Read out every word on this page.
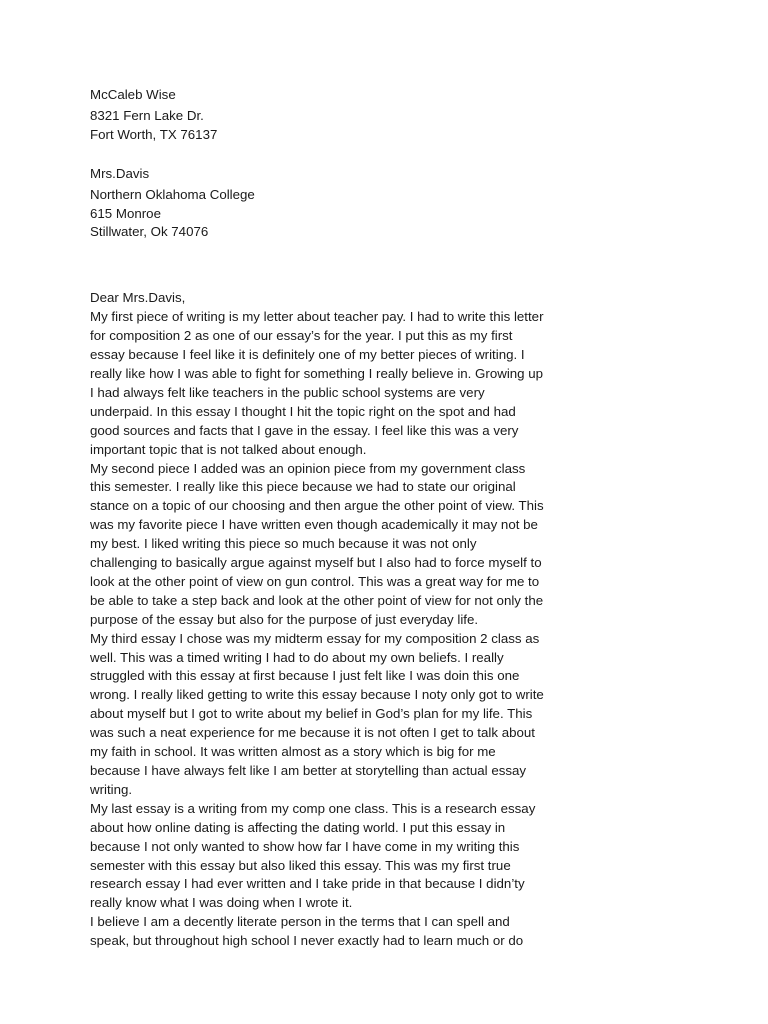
McCaleb Wise
8321 Fern Lake Dr.
Fort Worth, TX 76137
Mrs.Davis
Northern Oklahoma College
615 Monroe
Stillwater, Ok 74076
Dear Mrs.Davis,
My first piece of writing is my letter about teacher pay. I had to write this letter
for composition 2 as one of our essay’s for the year. I put this as my first
essay because I feel like it is definitely one of my better pieces of writing. I
really like how I was able to fight for something I really believe in. Growing up
I had always felt like teachers in the public school systems are very
underpaid. In this essay I thought I hit the topic right on the spot and had
good sources and facts that I gave in the essay. I feel like this was a very
important topic that is not talked about enough.
My second piece I added was an opinion piece from my government class
this semester. I really like this piece because we had to state our original
stance on a topic of our choosing and then argue the other point of view. This
was my favorite piece I have written even though academically it may not be
my best. I liked writing this piece so much because it was not only
challenging to basically argue against myself but I also had to force myself to
look at the other point of view on gun control. This was a great way for me to
be able to take a step back and look at the other point of view for not only the
purpose of the essay but also for the purpose of just everyday life.
My third essay I chose was my midterm essay for my composition 2 class as
well. This was a timed writing I had to do about my own beliefs. I really
struggled with this essay at first because I just felt like I was doin this one
wrong. I really liked getting to write this essay because I noty only got to write
about myself but I got to write about my belief in God’s plan for my life. This
was such a neat experience for me because it is not often I get to talk about
my faith in school. It was written almost as a story which is big for me
because I have always felt like I am better at storytelling than actual essay
writing.
My last essay is a writing from my comp one class. This is a research essay
about how online dating is affecting the dating world. I put this essay in
because I not only wanted to show how far I have come in my writing this
semester with this essay but also liked this essay. This was my first true
research essay I had ever written and I take pride in that because I didn’ty
really know what I was doing when I wrote it.
I believe I am a decently literate person in the terms that I can spell and
speak, but throughout high school I never exactly had to learn much or do
